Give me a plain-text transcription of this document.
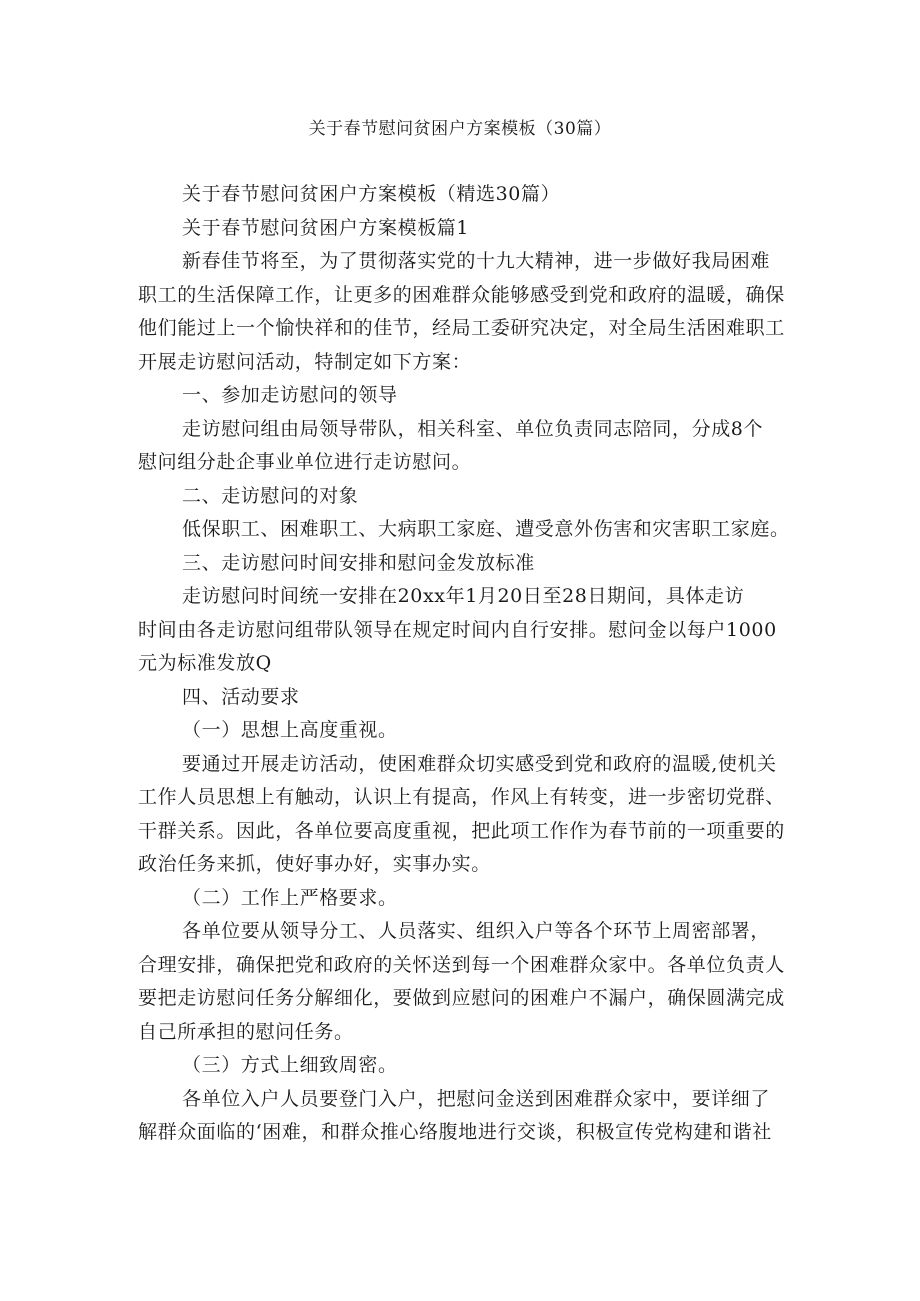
关于春节慰问贫困户方案模板（30篇）
关于春节慰问贫困户方案模板（精选30篇）
关于春节慰问贫困户方案模板篇1
新春佳节将至，为了贯彻落实党的十九大精神，进一步做好我局困难
职工的生活保障工作，让更多的困难群众能够感受到党和政府的温暖，确保
他们能过上一个愉快祥和的佳节，经局工委研究决定，对全局生活困难职工
开展走访慰问活动，特制定如下方案：
一、参加走访慰问的领导
走访慰问组由局领导带队，相关科室、单位负责同志陪同，分成8个
慰问组分赴企事业单位进行走访慰问。
二、走访慰问的对象
低保职工、困难职工、大病职工家庭、遭受意外伤害和灾害职工家庭。
三、走访慰问时间安排和慰问金发放标准
走访慰问时间统一安排在20xx年1月20日至28日期间，具体走访
时间由各走访慰问组带队领导在规定时间内自行安排。慰问金以每户1000
元为标准发放Q
四、活动要求
（一）思想上高度重视。
要通过开展走访活动，使困难群众切实感受到党和政府的温暖,使机关
工作人员思想上有触动，认识上有提高，作风上有转变，进一步密切党群、
干群关系。因此，各单位要高度重视，把此项工作作为春节前的一项重要的
政治任务来抓，使好事办好，实事办实。
（二）工作上严格要求。
各单位要从领导分工、人员落实、组织入户等各个环节上周密部署，
合理安排，确保把党和政府的关怀送到每一个困难群众家中。各单位负责人
要把走访慰问任务分解细化，要做到应慰问的困难户不漏户，确保圆满完成
自己所承担的慰问任务。
（三）方式上细致周密。
各单位入户人员要登门入户，把慰问金送到困难群众家中，要详细了
解群众面临的‘困难，和群众推心络腹地进行交谈，积极宣传党构建和谐社
